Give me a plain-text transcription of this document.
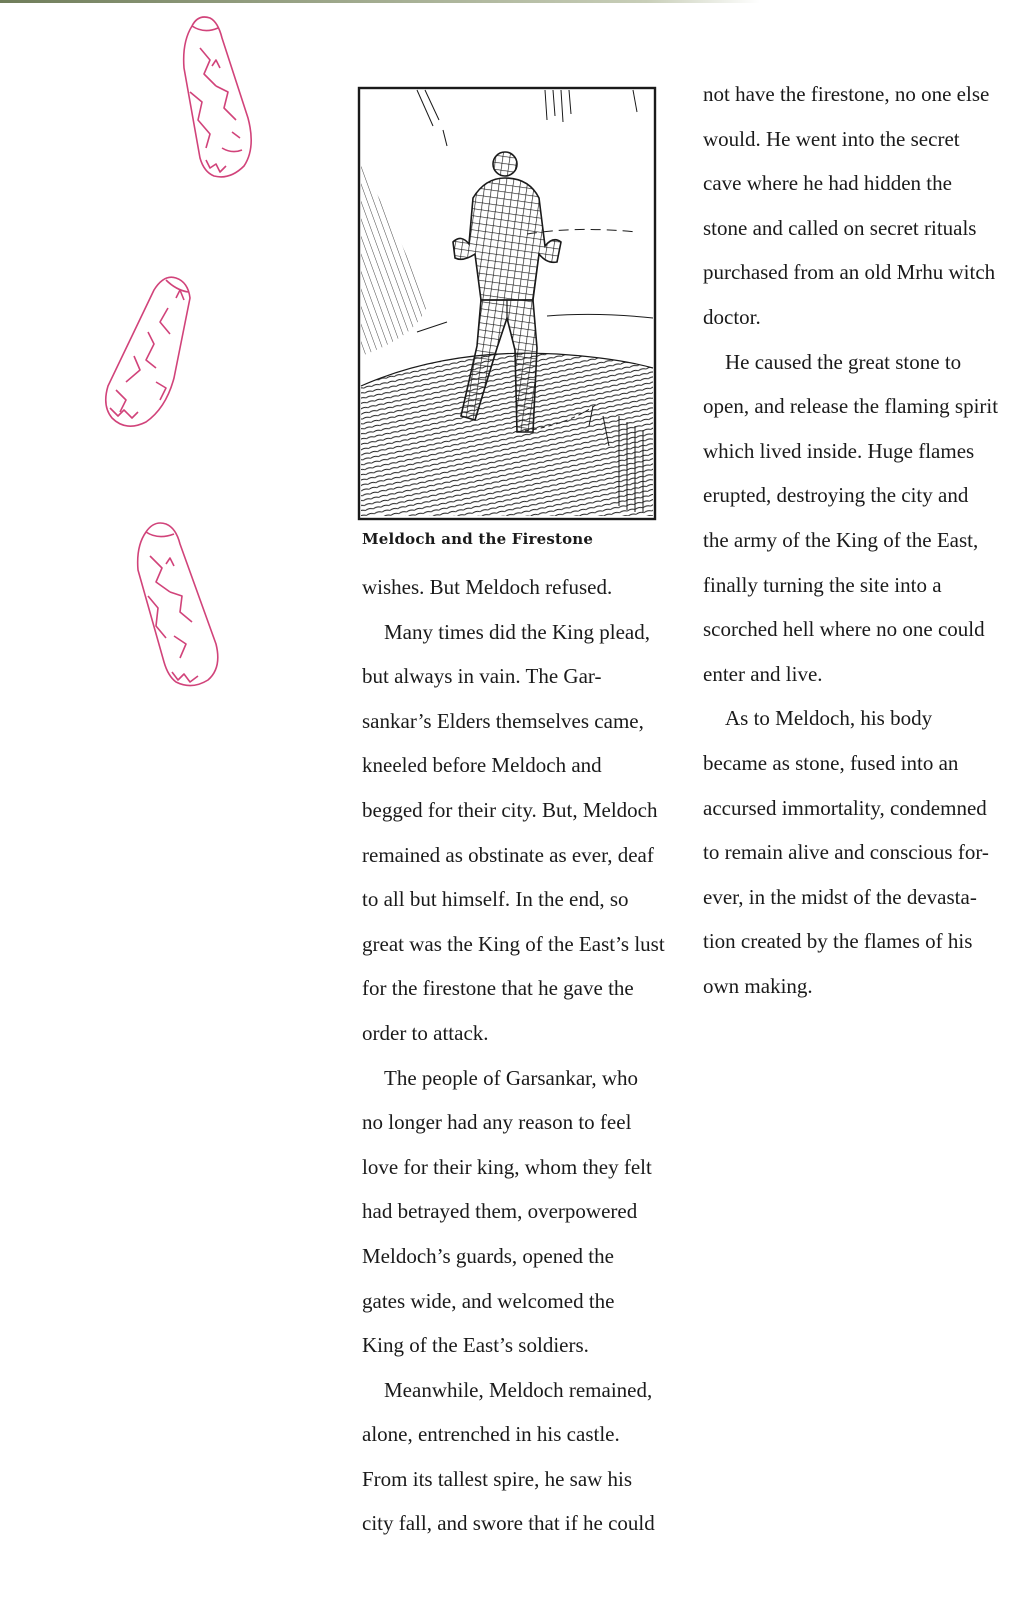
Meldoch and the Firestone

wishes. But Meldoch refused.

Many times did the King plead,
but always in vain. The Gar-
sankar’s Elders themselves came,
kneeled before Meldoch and
begged for their city. But, Meldoch
remained as obstinate as ever, deaf
to all but himself. In the end, so
great was the King of the East’s lust
for the firestone that he gave the
order to attack.

The people of Garsankar, who
no longer had any reason to feel
love for their king, whom they felt
had betrayed them, overpowered
Meldoch’s guards, opened the
gates wide, and welcomed the
King of the East’s soldiers.

Meanwhile, Meldoch remained,
alone, entrenched in his castle.
From its tallest spire, he saw his
city fall, and swore that if he could

not have the firestone, no one else
would. He went into the secret
cave where he had hidden the
stone and called on secret rituals
purchased from an old Mrhu witch
doctor.

He caused the great stone to
open, and release the flaming spirit
which lived inside. Huge flames
erupted, destroying the city and
the army of the King of the East,
finally turning the site into a
scorched hell where no one could
enter and live.

As to Meldoch, his body
became as stone, fused into an
accursed immortality, condemned
to remain alive and conscious for-
ever, in the midst of the devasta-
tion created by the flames of his
own making.
